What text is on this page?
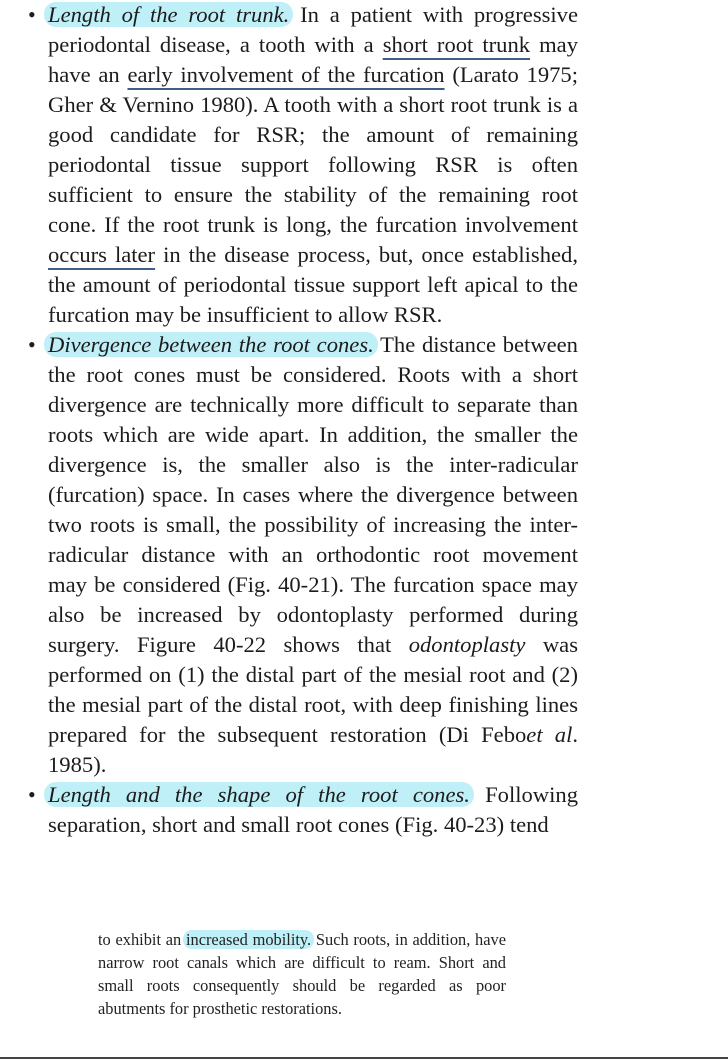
• Length of the root trunk. In a patient with progressive periodontal disease, a tooth with a short root trunk may have an early involvement of the furcation (Larato 1975; Gher & Vernino 1980). A tooth with a short root trunk is a good candidate for RSR; the amount of remaining periodontal tissue support following RSR is often sufficient to ensure the stability of the remaining root cone. If the root trunk is long, the furcation involvement occurs later in the disease process, but, once established, the amount of periodontal tissue support left apical to the furcation may be insufficient to allow RSR.

• Divergence between the root cones. The distance between the root cones must be considered. Roots with a short divergence are technically more difficult to separate than roots which are wide apart. In addition, the smaller the divergence is, the smaller also is the inter-radicular (furcation) space. In cases where the divergence between two roots is small, the possibility of increasing the inter-radicular distance with an orthodontic root movement may be considered (Fig. 40-21). The furcation space may also be increased by odontoplasty performed during surgery. Figure 40-22 shows that odontoplasty was performed on (1) the distal part of the mesial root and (2) the mesial part of the distal root, with deep finishing lines prepared for the subsequent restoration (Di Feboet al. 1985).

• Length and the shape of the root cones. Following separation, short and small root cones (Fig. 40-23) tend

to exhibit an increased mobility. Such roots, in addition, have narrow root canals which are difficult to ream. Short and small roots consequently should be regarded as poor abutments for prosthetic restorations.
